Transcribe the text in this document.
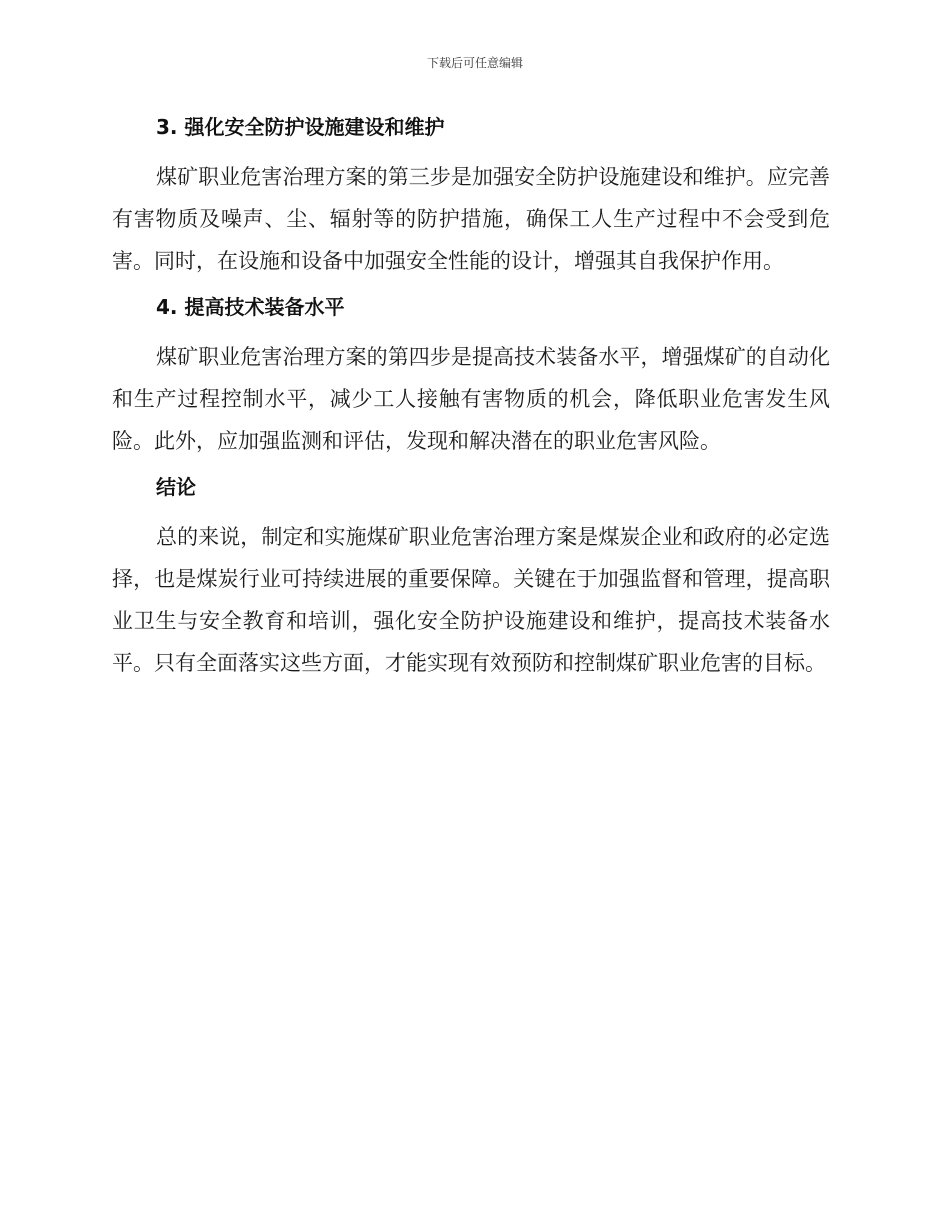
下载后可任意编辑
3. 强化安全防护设施建设和维护

煤矿职业危害治理方案的第三步是加强安全防护设施建设和维护。应完善有害物质及噪声、尘、辐射等的防护措施，确保工人生产过程中不会受到危害。同时，在设施和设备中加强安全性能的设计，增强其自我保护作用。

4. 提高技术装备水平

煤矿职业危害治理方案的第四步是提高技术装备水平，增强煤矿的自动化和生产过程控制水平，减少工人接触有害物质的机会，降低职业危害发生风险。此外，应加强监测和评估，发现和解决潜在的职业危害风险。

结论

总的来说，制定和实施煤矿职业危害治理方案是煤炭企业和政府的必定选择，也是煤炭行业可持续进展的重要保障。关键在于加强监督和管理，提高职业卫生与安全教育和培训，强化安全防护设施建设和维护，提高技术装备水平。只有全面落实这些方面，才能实现有效预防和控制煤矿职业危害的目标。
